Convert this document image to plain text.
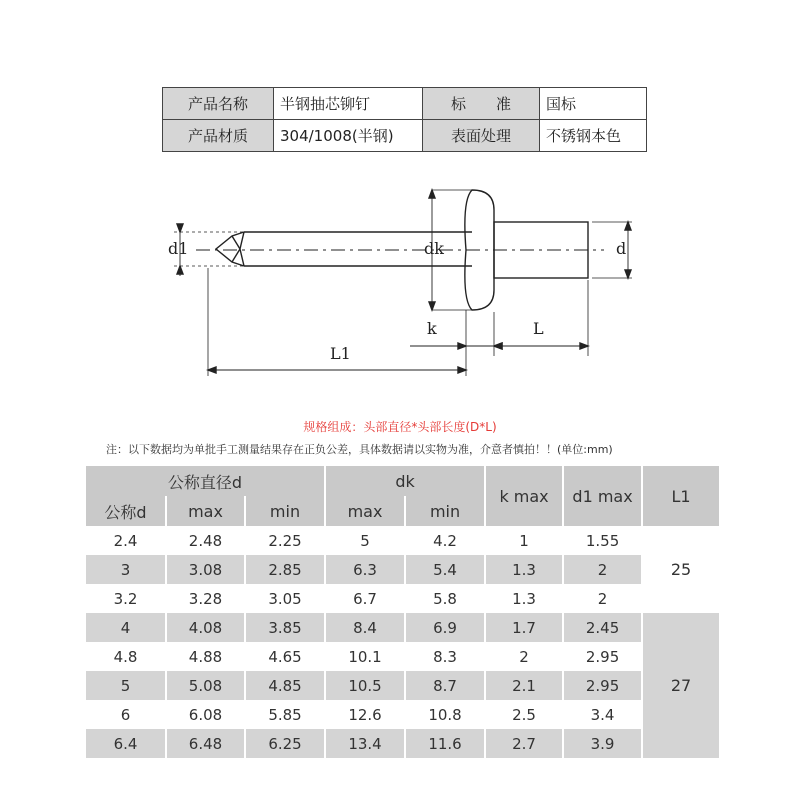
产品名称	半钢抽芯铆钉	标　　准	国标
产品材质	304/1008(半钢)	表面处理	不锈钢本色
d1	dk	d
k	L
L1
规格组成：头部直径*头部长度(D*L)
注：以下数据均为单批手工测量结果存在正负公差，具体数据请以实物为准，介意者慎拍！！(单位:mm)
公称直径d			dk		k max	d1 max	L1
公称d	max	min	max	min			
2.4	2.48	2.25	5	4.2	1	1.55	25
3	3.08	2.85	6.3	5.4	1.3	2	
3.2	3.28	3.05	6.7	5.8	1.3	2	
4	4.08	3.85	8.4	6.9	1.7	2.45	27
4.8	4.88	4.65	10.1	8.3	2	2.95	
5	5.08	4.85	10.5	8.7	2.1	2.95	
6	6.08	5.85	12.6	10.8	2.5	3.4	
6.4	6.48	6.25	13.4	11.6	2.7	3.9	
